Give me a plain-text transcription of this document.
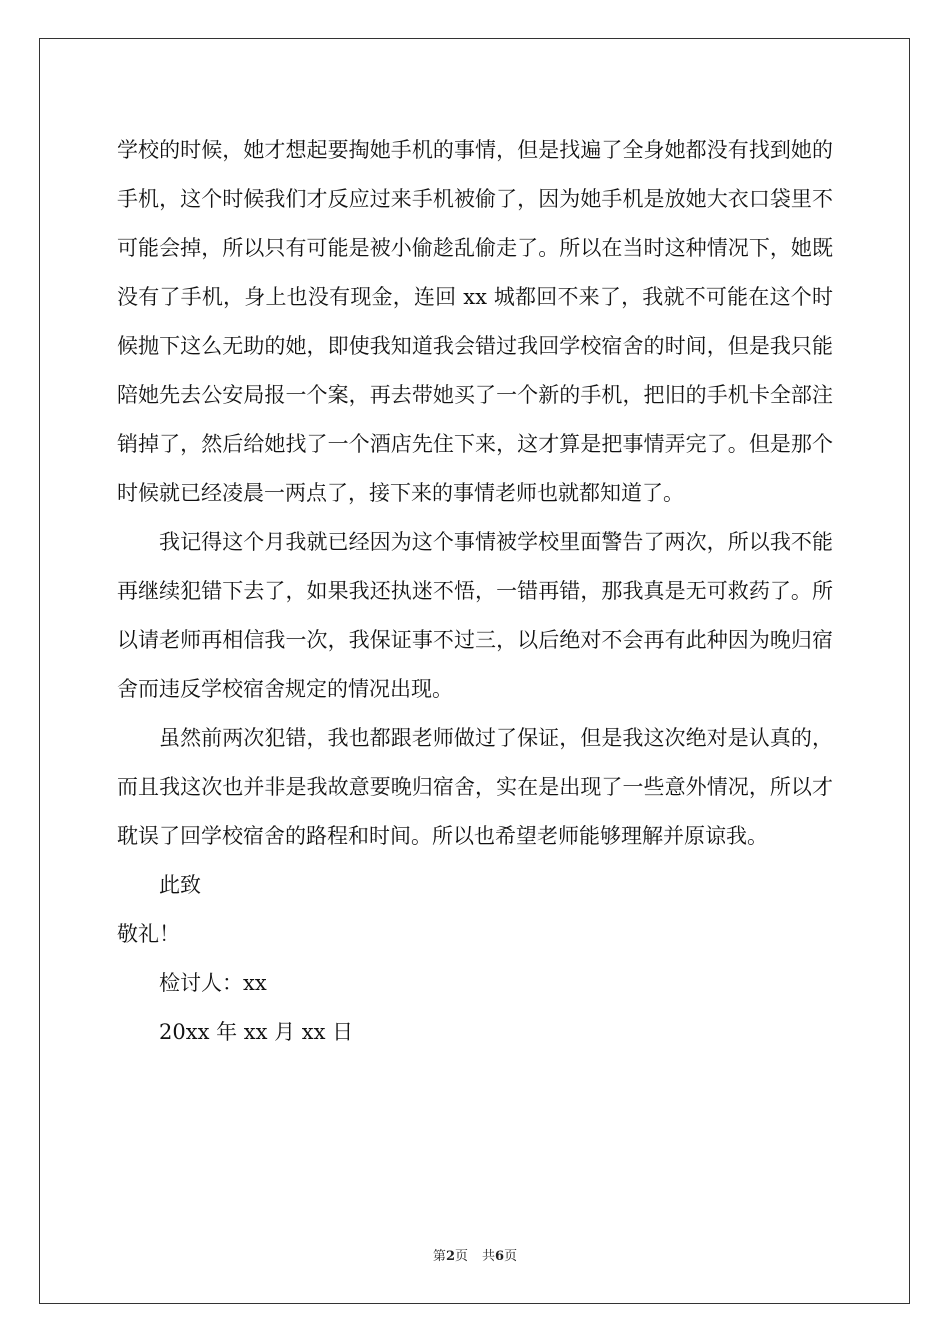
学校的时候，她才想起要掏她手机的事情，但是找遍了全身她都没有找到她的手机，这个时候我们才反应过来手机被偷了，因为她手机是放她大衣口袋里不可能会掉，所以只有可能是被小偷趁乱偷走了。所以在当时这种情况下，她既没有了手机，身上也没有现金，连回 xx 城都回不来了，我就不可能在这个时候抛下这么无助的她，即使我知道我会错过我回学校宿舍的时间，但是我只能陪她先去公安局报一个案，再去带她买了一个新的手机，把旧的手机卡全部注销掉了，然后给她找了一个酒店先住下来，这才算是把事情弄完了。但是那个时候就已经凌晨一两点了，接下来的事情老师也就都知道了。

我记得这个月我就已经因为这个事情被学校里面警告了两次，所以我不能再继续犯错下去了，如果我还执迷不悟，一错再错，那我真是无可救药了。所以请老师再相信我一次，我保证事不过三，以后绝对不会再有此种因为晚归宿舍而违反学校宿舍规定的情况出现。

虽然前两次犯错，我也都跟老师做过了保证，但是我这次绝对是认真的，而且我这次也并非是我故意要晚归宿舍，实在是出现了一些意外情况，所以才耽误了回学校宿舍的路程和时间。所以也希望老师能够理解并原谅我。

此致

敬礼！

检讨人：xx

20xx 年 xx 月 xx 日

第2页 共6页
